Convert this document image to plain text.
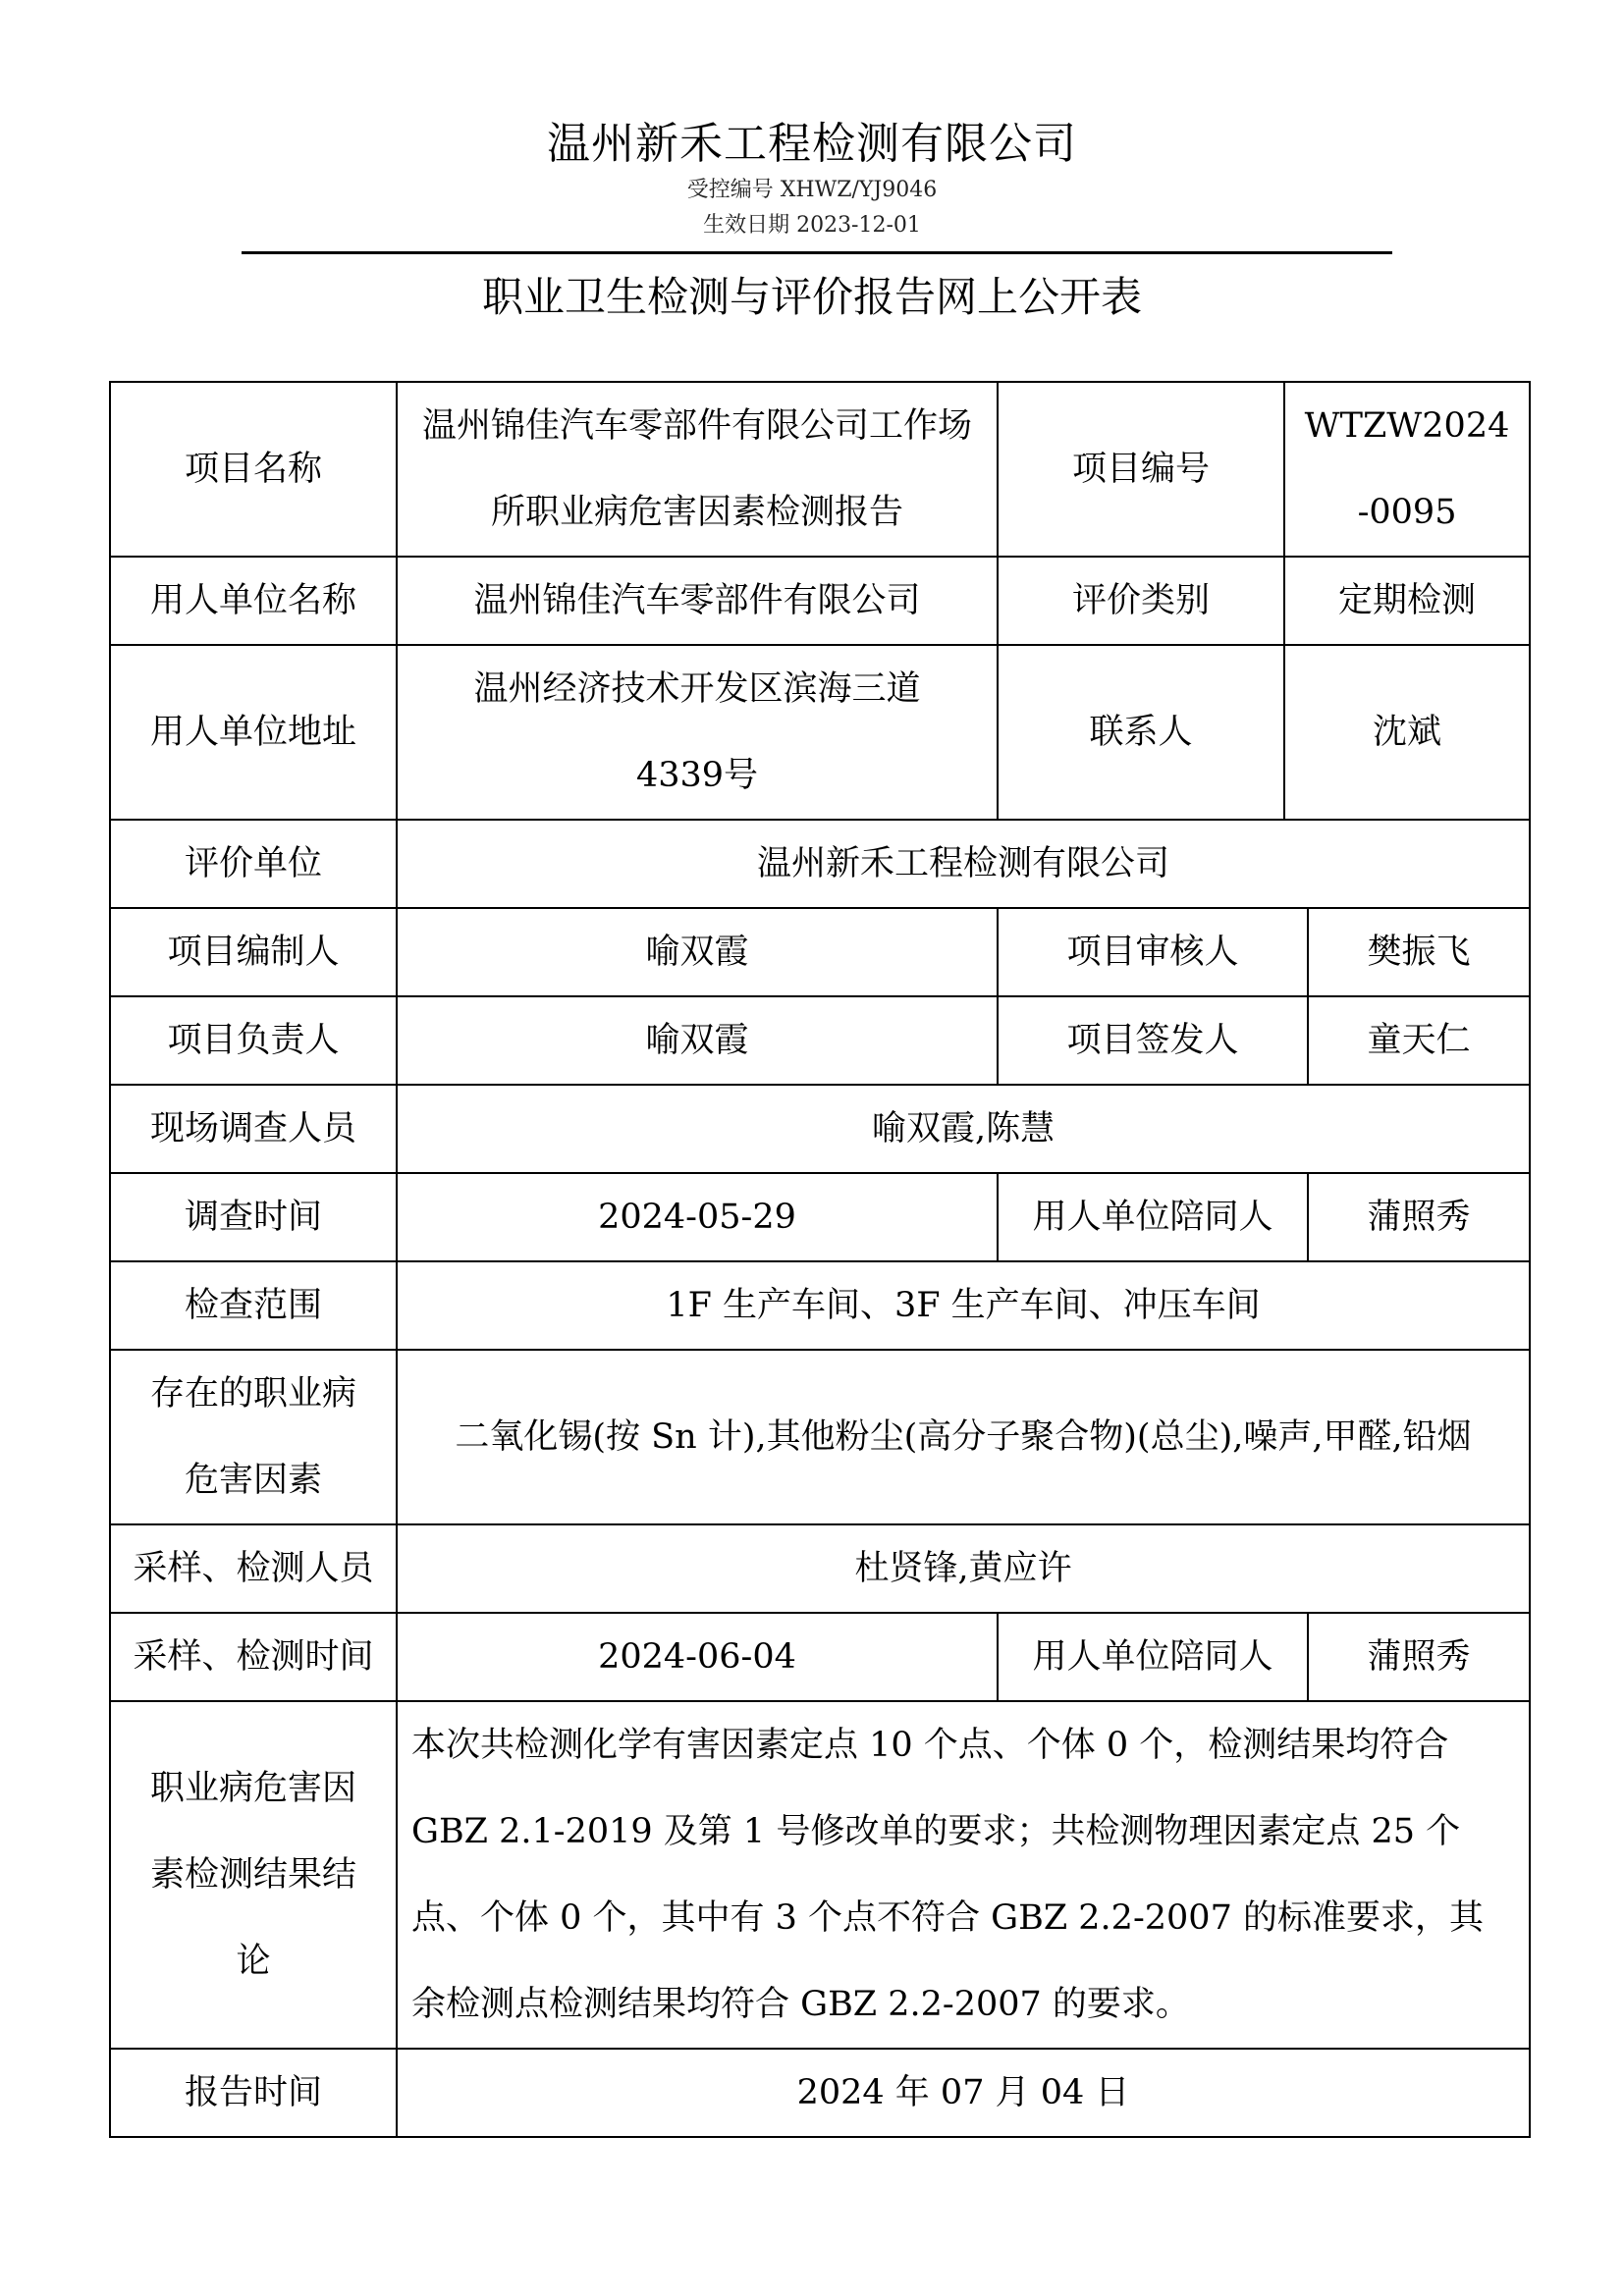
温州新禾工程检测有限公司
受控编号 XHWZ/YJ9046
生效日期 2023-12-01
职业卫生检测与评价报告网上公开表
项目名称	温州锦佳汽车零部件有限公司工作场所职业病危害因素检测报告	项目编号	WTZW2024-0095	
用人单位名称	温州锦佳汽车零部件有限公司	评价类别	定期检测	
用人单位地址	温州经济技术开发区滨海三道4339号	联系人	沈斌	
评价单位	温州新禾工程检测有限公司			
项目编制人	喻双霞	项目审核人		樊振飞
项目负责人	喻双霞	项目签发人		童天仁
现场调查人员	喻双霞,陈慧			
调查时间	2024-05-29	用人单位陪同人		蒲照秀
检查范围	1F 生产车间、3F 生产车间、冲压车间			
存在的职业病危害因素	二氧化锡(按 Sn 计),其他粉尘(高分子聚合物)(总尘),噪声,甲醛,铅烟			
采样、检测人员	杜贤锋,黄应许			
采样、检测时间	2024-06-04	用人单位陪同人		蒲照秀
职业病危害因素检测结果结论	本次共检测化学有害因素定点 10 个点、个体 0 个，检测结果均符合 GBZ 2.1-2019 及第 1 号修改单的要求；共检测物理因素定点 25 个点、个体 0 个，其中有 3 个点不符合 GBZ 2.2-2007 的标准要求，其余检测点检测结果均符合 GBZ 2.2-2007 的要求。			
报告时间	2024 年 07 月 04 日			
